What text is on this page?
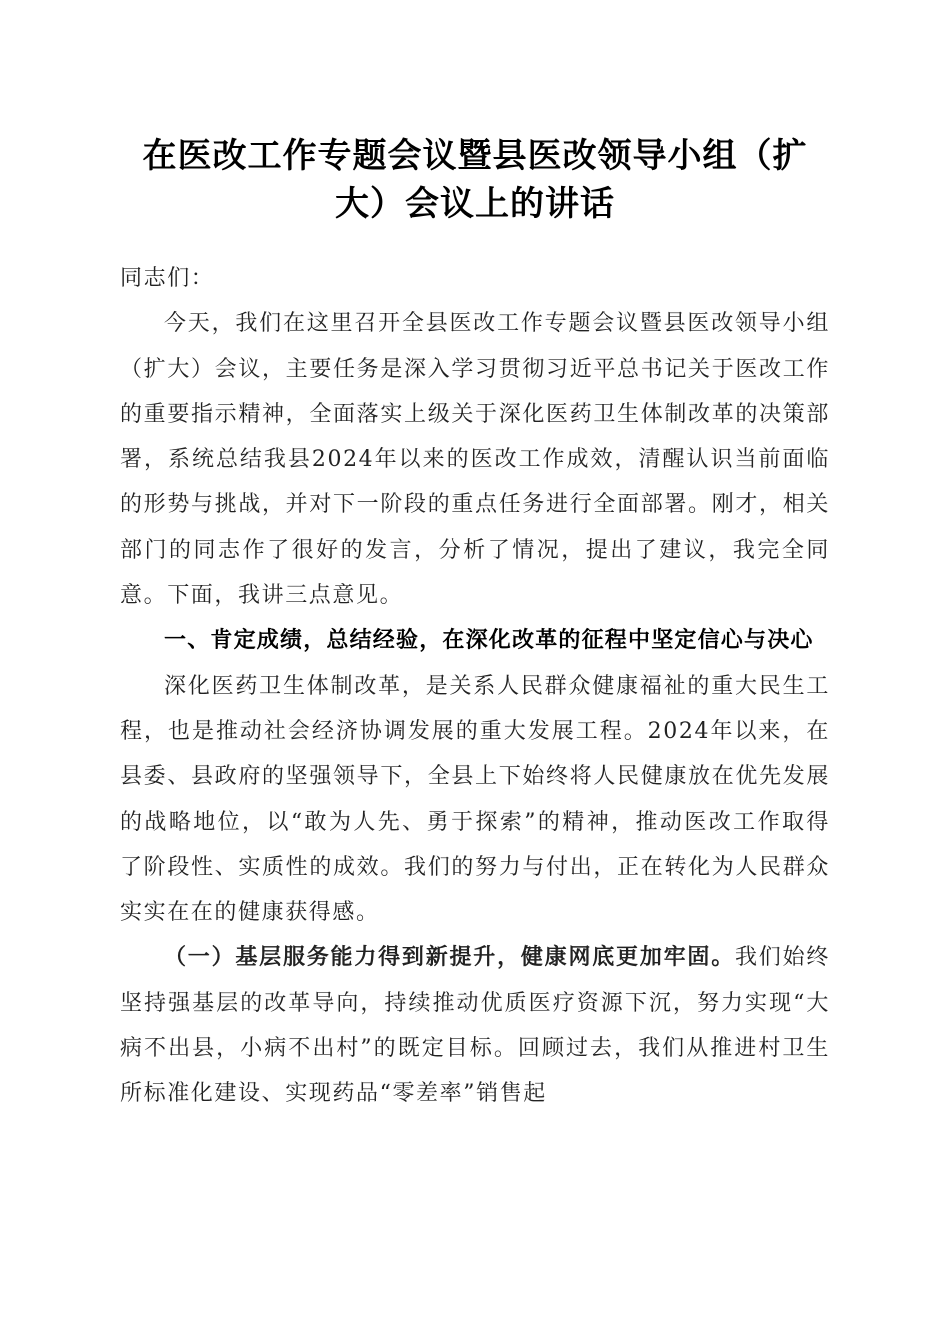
在医改工作专题会议暨县医改领导小组（扩大）会议上的讲话

同志们：

今天，我们在这里召开全县医改工作专题会议暨县医改领导小组（扩大）会议，主要任务是深入学习贯彻习近平总书记关于医改工作的重要指示精神，全面落实上级关于深化医药卫生体制改革的决策部署，系统总结我县2024年以来的医改工作成效，清醒认识当前面临的形势与挑战，并对下一阶段的重点任务进行全面部署。刚才，相关部门的同志作了很好的发言，分析了情况，提出了建议，我完全同意。下面，我讲三点意见。

一、肯定成绩，总结经验，在深化改革的征程中坚定信心与决心

深化医药卫生体制改革，是关系人民群众健康福祉的重大民生工程，也是推动社会经济协调发展的重大发展工程。2024年以来，在县委、县政府的坚强领导下，全县上下始终将人民健康放在优先发展的战略地位，以“敢为人先、勇于探索”的精神，推动医改工作取得了阶段性、实质性的成效。我们的努力与付出，正在转化为人民群众实实在在的健康获得感。

（一）基层服务能力得到新提升，健康网底更加牢固。我们始终坚持强基层的改革导向，持续推动优质医疗资源下沉，努力实现“大病不出县，小病不出村”的既定目标。回顾过去，我们从推进村卫生所标准化建设、实现药品“零差率”销售起
